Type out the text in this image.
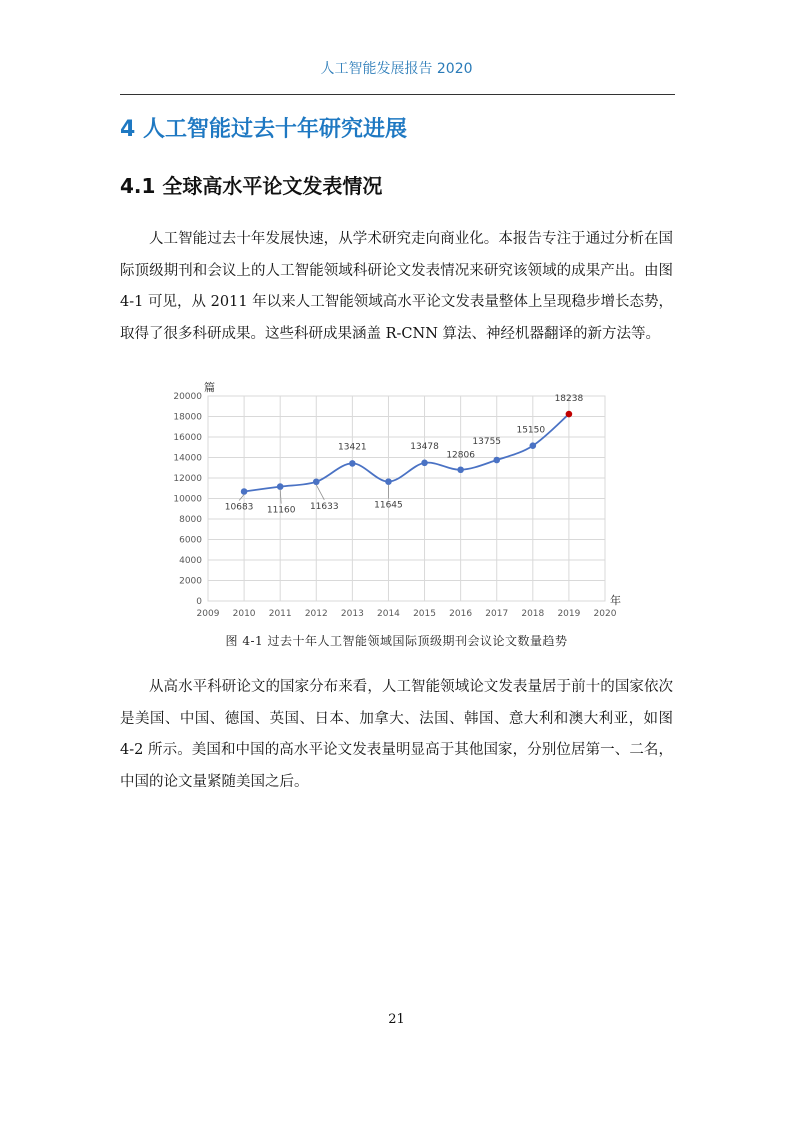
人工智能发展报告 2020
4 人工智能过去十年研究进展
4.1 全球高水平论文发表情况

人工智能过去十年发展快速，从学术研究走向商业化。本报告专注于通过分析在国际顶级期刊和会议上的人工智能领域科研论文发表情况来研究该领域的成果产出。由图 4-1 可见，从 2011 年以来人工智能领域高水平论文发表量整体上呈现稳步增长态势，取得了很多科研成果。这些科研成果涵盖 R-CNN 算法、神经机器翻译的新方法等。

0
2000
4000
6000
8000
10000
12000
14000
16000
18000
20000
2009 2010 2011 2012 2013 2014 2015 2016 2017 2018 2019 2020
篇
年
10683 11160 11633
13421
11645
13478
12806
13755
15150
18238
图 4-1 过去十年人工智能领域国际顶级期刊会议论文数量趋势

从高水平科研论文的国家分布来看，人工智能领域论文发表量居于前十的国家依次是美国、中国、德国、英国、日本、加拿大、法国、韩国、意大利和澳大利亚，如图 4-2 所示。美国和中国的高水平论文发表量明显高于其他国家，分别位居第一、二名，中国的论文量紧随美国之后。

21
